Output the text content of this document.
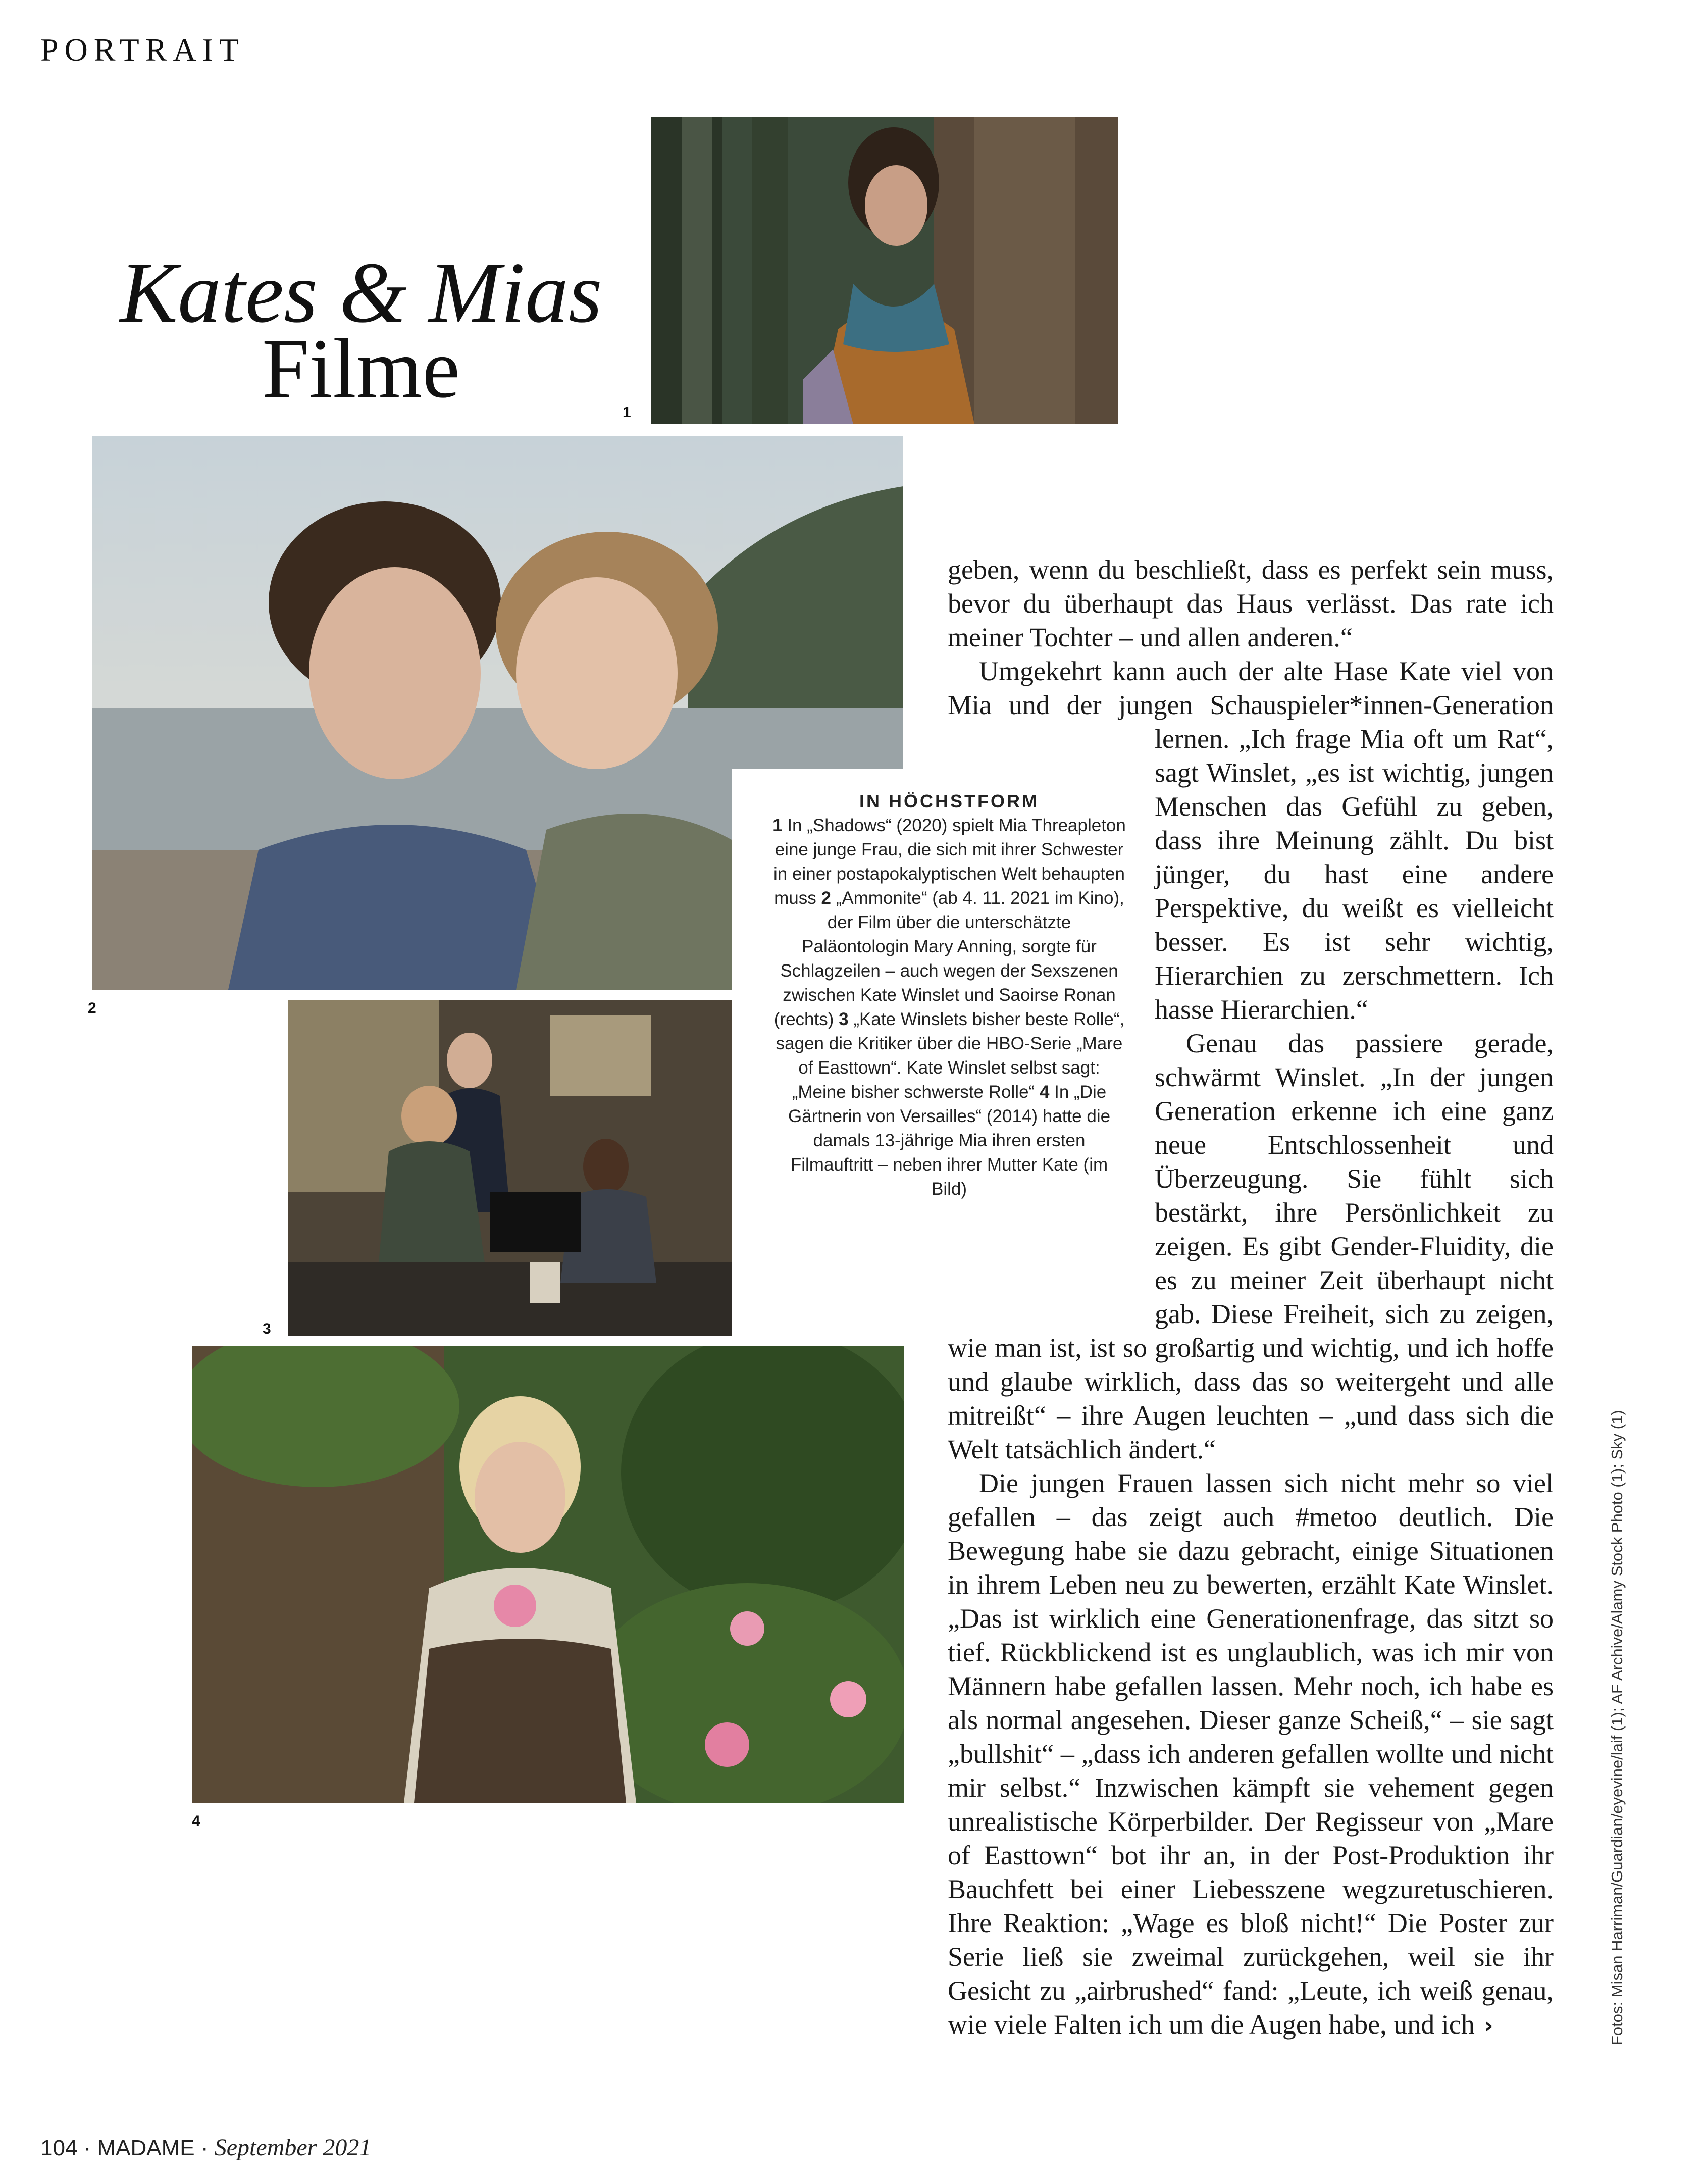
PORTRAIT
Kates & Mias
Filme	1
2
3
4
IN HÖCHSTFORM
1 In „Shadows“ (2020) spielt Mia Threapleton eine junge Frau, die sich mit ihrer Schwester in einer postapokalyptischen Welt behaupten muss 2 „Ammonite“ (ab 4. 11. 2021 im Kino), der Film über die unterschätzte Paläontologin Mary Anning, sorgte für Schlagzeilen – auch wegen der Sexszenen zwischen Kate Winslet und Saoirse Ronan (rechts) 3 „Kate Winslets bisher beste Rolle“, sagen die Kritiker über die HBO-Serie „Mare of Easttown“. Kate Winslet selbst sagt: „Meine bisher schwerste Rolle“ 4 In „Die Gärtnerin von Versailles“ (2014) hatte die damals 13-jährige Mia ihren ersten Filmauftritt – neben ihrer Mutter Kate (im Bild)

geben, wenn du beschließt, dass es perfekt sein muss, bevor du überhaupt das Haus verlässt. Das rate ich meiner Tochter – und allen anderen.“

Umgekehrt kann auch der alte Hase Kate viel von Mia und der jungen Schauspieler*innen-Generation lernen. „Ich frage Mia oft um Rat“, sagt Winslet, „es ist wichtig, jungen Menschen das Gefühl zu geben, dass ihre Meinung zählt. Du bist jünger, du hast eine andere Perspektive, du weißt es vielleicht besser. Es ist sehr wichtig, Hierarchien zu zerschmettern. Ich hasse Hierarchien.“

Genau das passiere gerade, schwärmt Winslet. „In der jungen Generation erkenne ich eine ganz neue Entschlossenheit und Überzeugung. Sie fühlt sich bestärkt, ihre Persönlichkeit zu zeigen. Es gibt Gender-Fluidity, die es zu meiner Zeit überhaupt nicht gab. Diese Freiheit, sich zu zeigen, wie man ist, ist so großartig und wichtig, und ich hoffe und glaube wirklich, dass das so weitergeht und alle mitreißt“ – ihre Augen leuchten – „und dass sich die Welt tatsächlich ändert.“

Die jungen Frauen lassen sich nicht mehr so viel gefallen – das zeigt auch #metoo deutlich. Die Bewegung habe sie dazu gebracht, einige Situationen in ihrem Leben neu zu bewerten, erzählt Kate Winslet. „Das ist wirklich eine Generationenfrage, das sitzt so tief. Rückblickend ist es unglaublich, was ich mir von Männern habe gefallen lassen. Mehr noch, ich habe es als normal angesehen. Dieser ganze Scheiß,“ – sie sagt „bullshit“ – „dass ich anderen gefallen wollte und nicht mir selbst.“ Inzwischen kämpft sie vehement gegen unrealistische Körperbilder. Der Regisseur von „Mare of Easttown“ bot ihr an, in der Post-Produktion ihr Bauchfett bei einer Liebesszene wegzuretuschieren. Ihre Reaktion: „Wage es bloß nicht!“ Die Poster zur Serie ließ sie zweimal zurückgehen, weil sie ihr Gesicht zu „airbrushed“ fand: „Leute, ich weiß genau, wie viele Falten ich um die Augen habe, und ich ›	Fotos: Misan Harriman/Guardian/eyevine/laif (1); AF Archive/Alamy Stock Photo (1); Sky (1)
104 · MADAME · September 2021
